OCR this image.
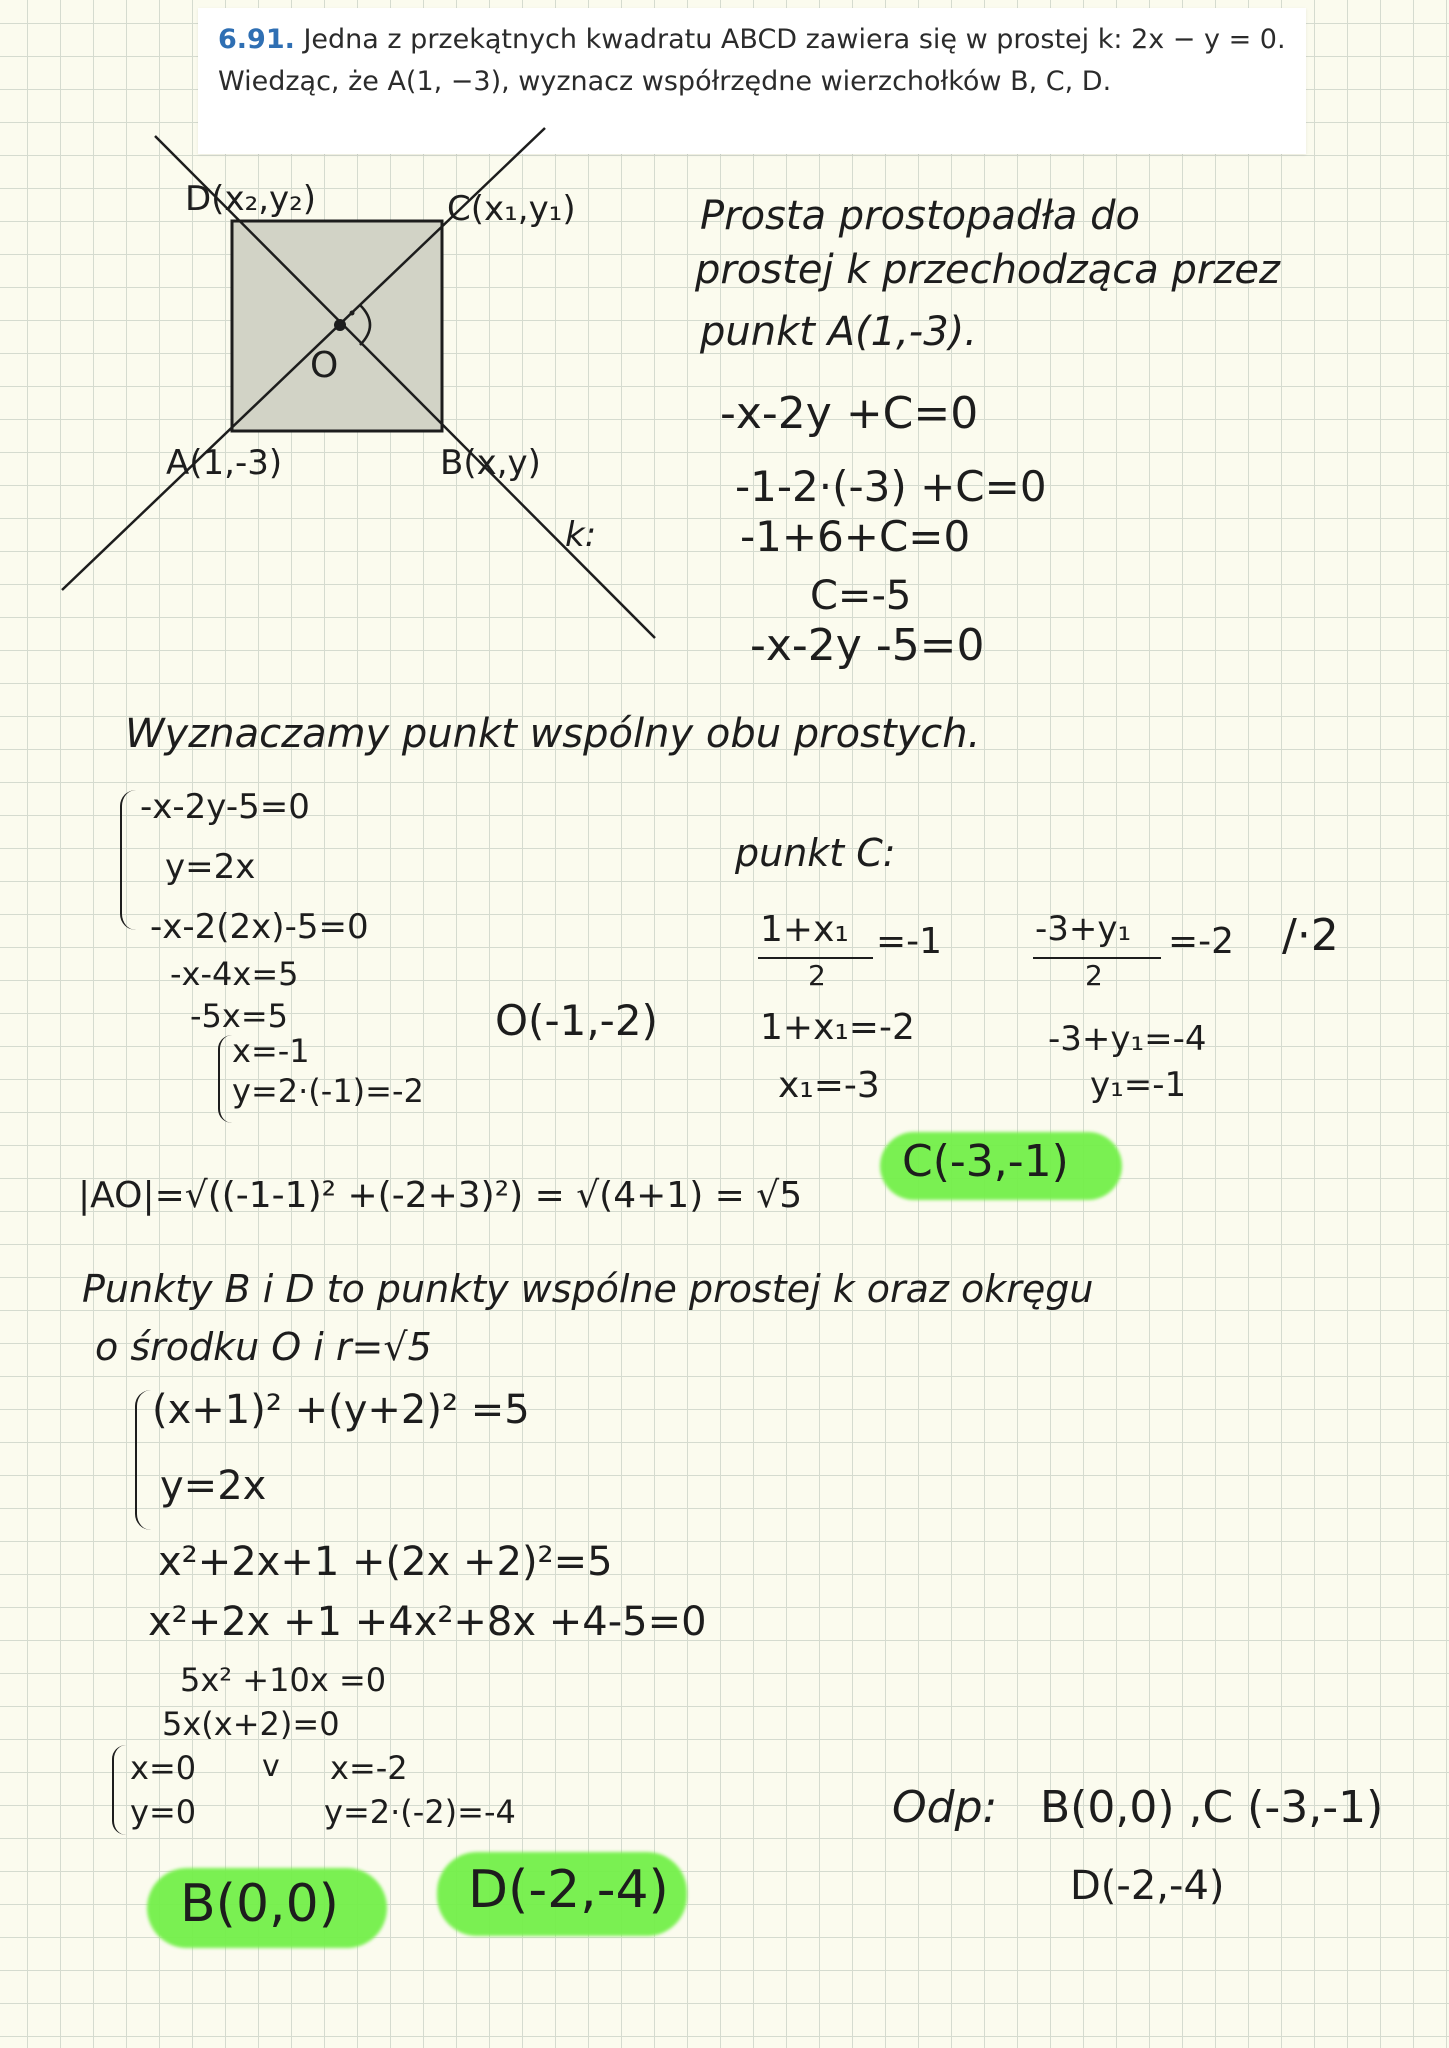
6.91. Jedna z przekątnych kwadratu ABCD zawiera się w prostej k: 2x − y = 0.
Wiedząc, że A(1, −3), wyznacz współrzędne wierzchołków B, C, D.
D(x₂,y₂)	C(x₁,y₁)
A(1,-3)	B(x,y)
O
k:
Prosta prostopadła do
prostej k przechodząca przez
punkt A(1,-3).
-x-2y +C=0
-1-2·(-3) +C=0
-1+6+C=0
C=-5
-x-2y -5=0
Wyznaczamy punkt wspólny obu prostych.
-x-2y-5=0
y=2x
-x-2(2x)-5=0
-x-4x=5
-5x=5
x=-1
y=2·(-1)=-2
O(-1,-2)
punkt C:
1+x₁
2
=-1	-3+y₁
2
=-2 /·2
1+x₁=-2
x₁=-3
-3+y₁=-4
y₁=-1
C(-3,-1)
|AO|=√((-1-1)² +(-2+3)²) = √(4+1) = √5
Punkty B i D to punkty wspólne prostej k oraz okręgu
o środku O i r=√5
(x+1)² +(y+2)² =5
y=2x
x²+2x+1 +(2x +2)²=5
x²+2x +1 +4x²+8x +4-5=0
5x² +10x =0
5x(x+2)=0
x=0 v x=-2
y=0	y=2·(-2)=-4
B(0,0) D(-2,-4)
Odp: B(0,0) ,C (-3,-1)
D(-2,-4)
